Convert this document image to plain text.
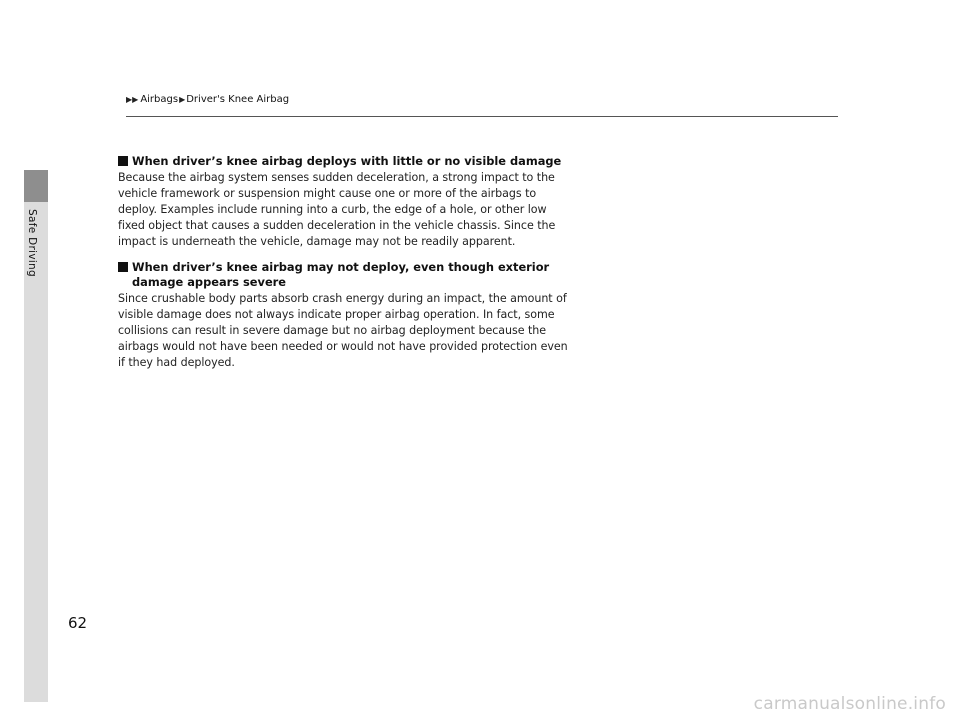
▶▶ Airbags▶Driver's Knee Airbag
Safe Driving
When driver’s knee airbag deploys with little or no visible damage

Because the airbag system senses sudden deceleration, a strong impact to the vehicle framework or suspension might cause one or more of the airbags to deploy. Examples include running into a curb, the edge of a hole, or other low fixed object that causes a sudden deceleration in the vehicle chassis. Since the impact is underneath the vehicle, damage may not be readily apparent.

When driver’s knee airbag may not deploy, even though exterior damage appears severe

Since crushable body parts absorb crash energy during an impact, the amount of visible damage does not always indicate proper airbag operation. In fact, some collisions can result in severe damage but no airbag deployment because the airbags would not have been needed or would not have provided protection even if they had deployed.

62
carmanualsonline.info
